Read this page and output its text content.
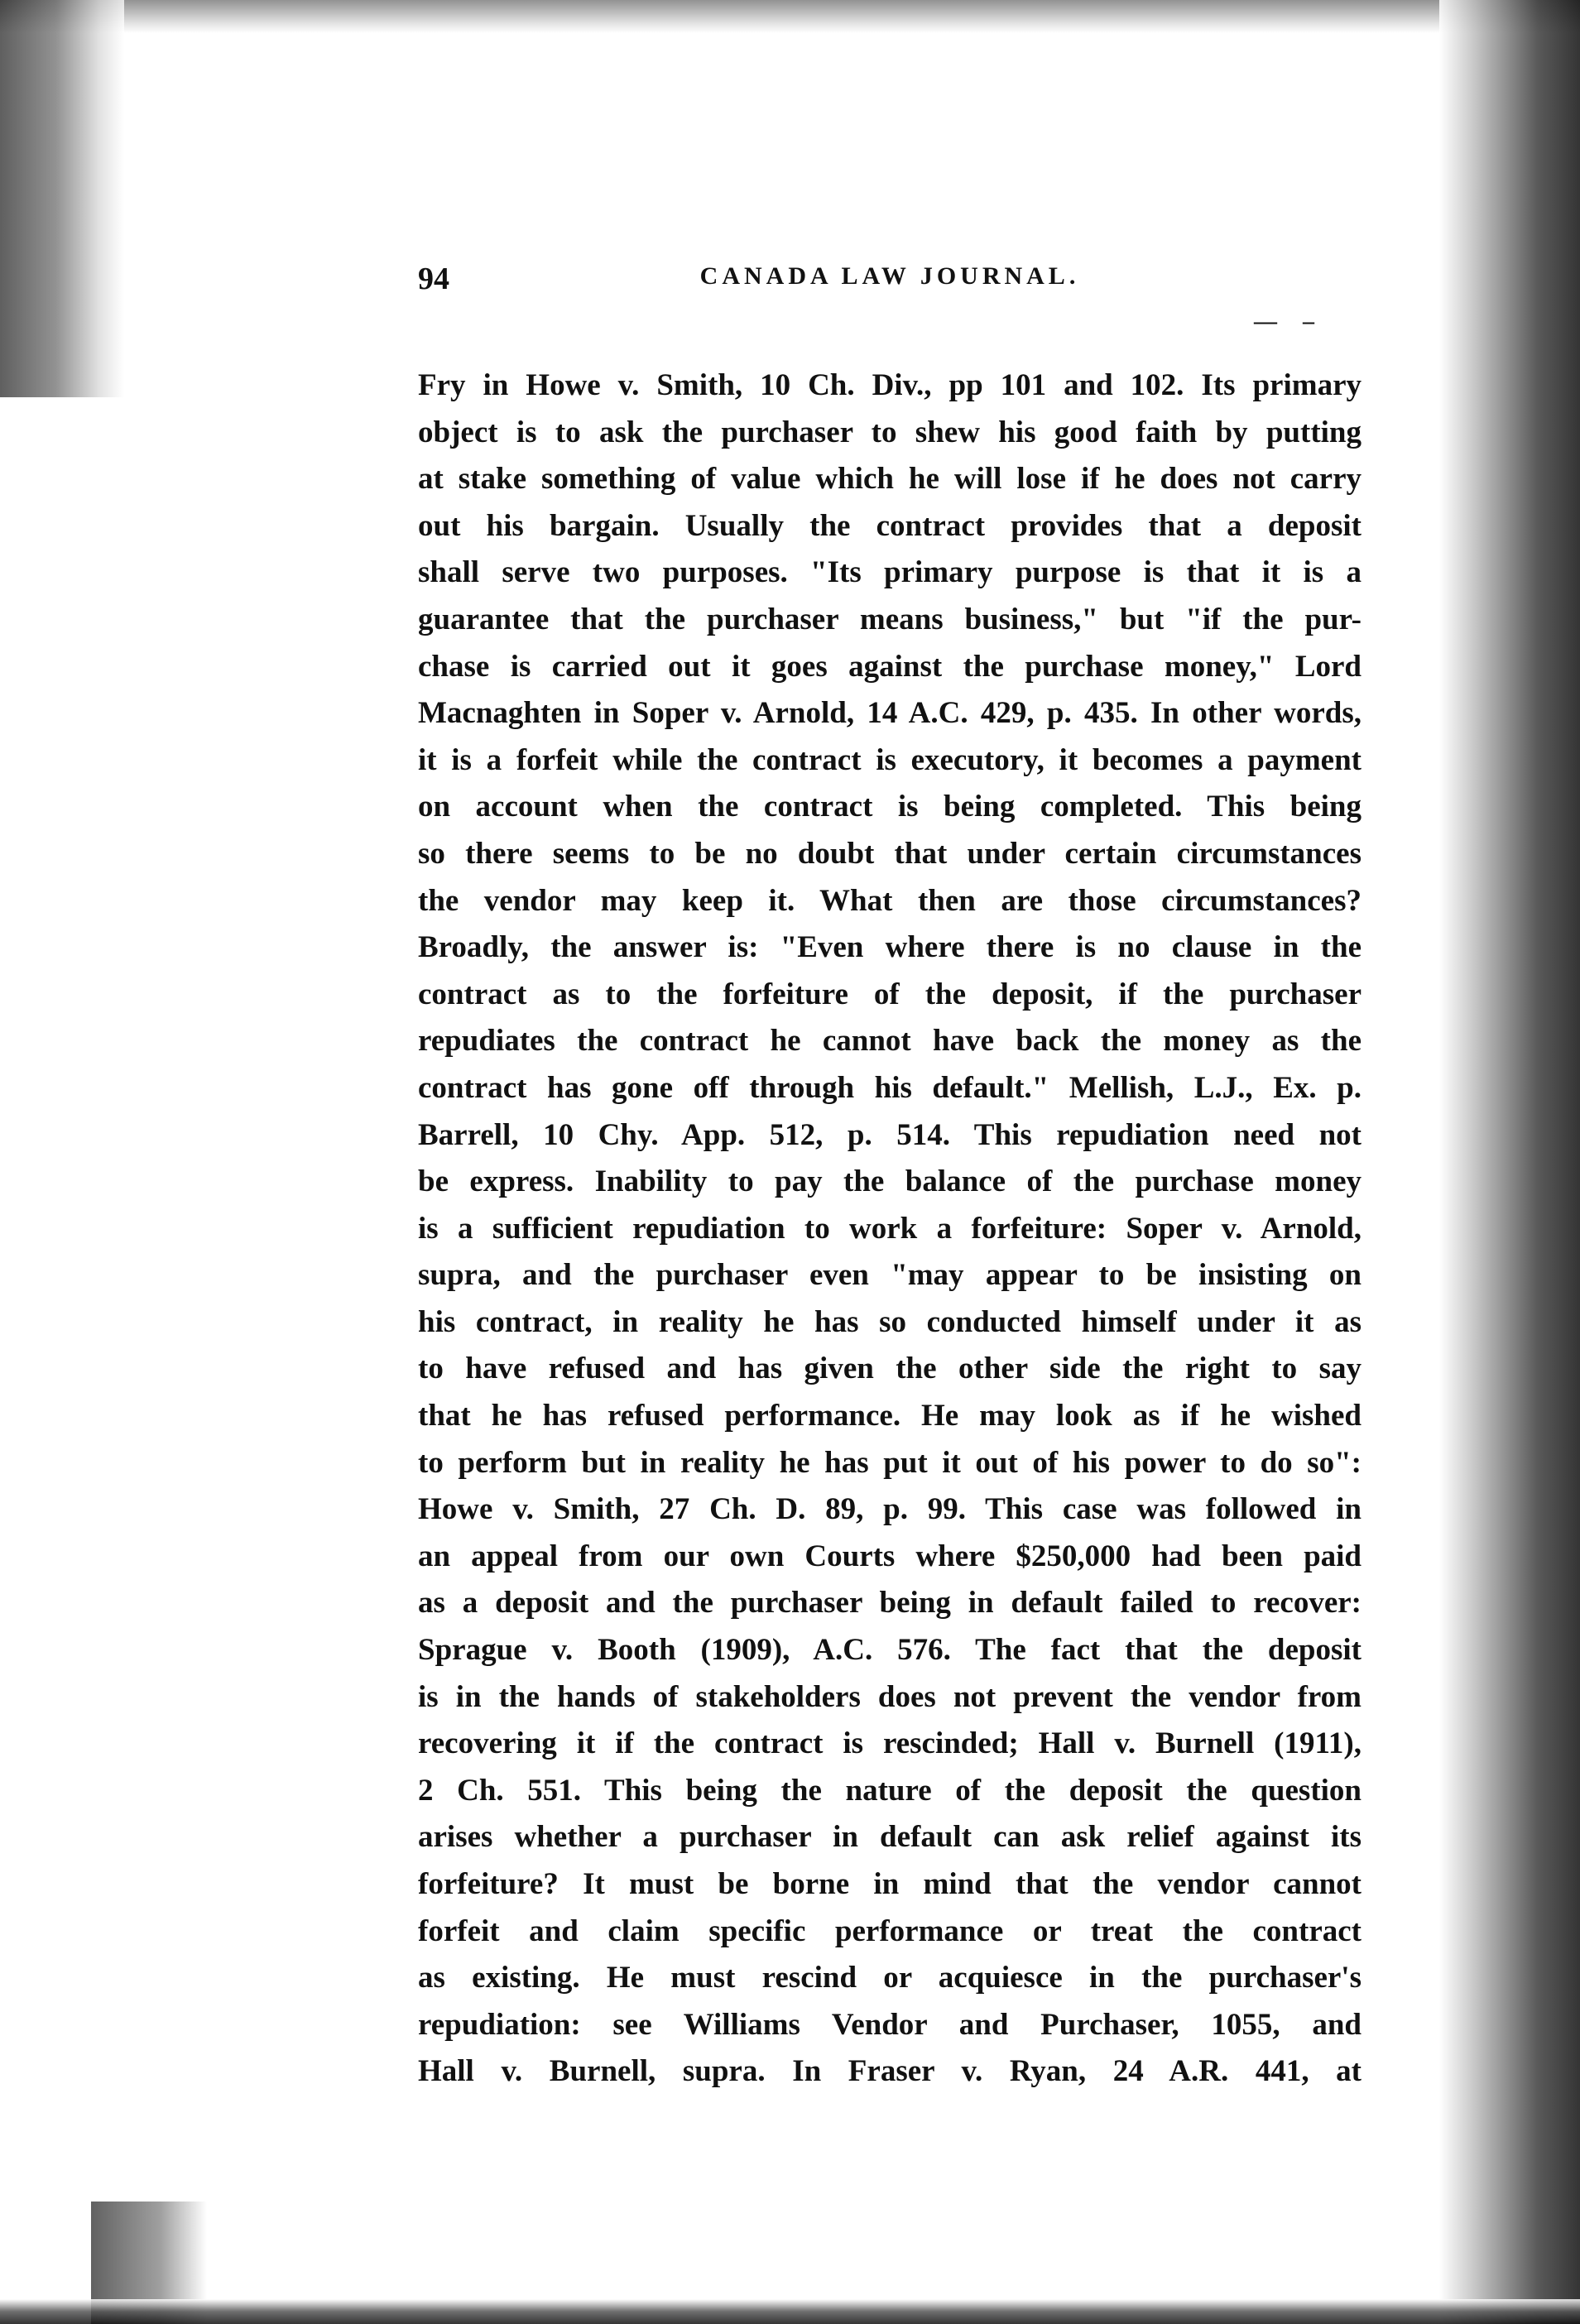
94	CANADA LAW JOURNAL.
— –
Fry in Howe v. Smith, 10 Ch. Div., pp 101 and 102. Its primary
object is to ask the purchaser to shew his good faith by putting
at stake something of value which he will lose if he does not carry
out his bargain. Usually the contract provides that a deposit
shall serve two purposes. "Its primary purpose is that it is a
guarantee that the purchaser means business," but "if the pur-
chase is carried out it goes against the purchase money," Lord
Macnaghten in Soper v. Arnold, 14 A.C. 429, p. 435. In other words,
it is a forfeit while the contract is executory, it becomes a payment
on account when the contract is being completed. This being
so there seems to be no doubt that under certain circumstances
the vendor may keep it. What then are those circumstances?
Broadly, the answer is: "Even where there is no clause in the
contract as to the forfeiture of the deposit, if the purchaser
repudiates the contract he cannot have back the money as the
contract has gone off through his default." Mellish, L.J., Ex. p.
Barrell, 10 Chy. App. 512, p. 514. This repudiation need not
be express. Inability to pay the balance of the purchase money
is a sufficient repudiation to work a forfeiture: Soper v. Arnold,
supra, and the purchaser even "may appear to be insisting on
his contract, in reality he has so conducted himself under it as
to have refused and has given the other side the right to say
that he has refused performance. He may look as if he wished
to perform but in reality he has put it out of his power to do so":
Howe v. Smith, 27 Ch. D. 89, p. 99. This case was followed in
an appeal from our own Courts where $250,000 had been paid
as a deposit and the purchaser being in default failed to recover:
Sprague v. Booth (1909), A.C. 576. The fact that the deposit
is in the hands of stakeholders does not prevent the vendor from
recovering it if the contract is rescinded; Hall v. Burnell (1911),
2 Ch. 551. This being the nature of the deposit the question
arises whether a purchaser in default can ask relief against its
forfeiture? It must be borne in mind that the vendor cannot
forfeit and claim specific performance or treat the contract
as existing. He must rescind or acquiesce in the purchaser's
repudiation: see Williams Vendor and Purchaser, 1055, and
Hall v. Burnell, supra. In Fraser v. Ryan, 24 A.R. 441, at
